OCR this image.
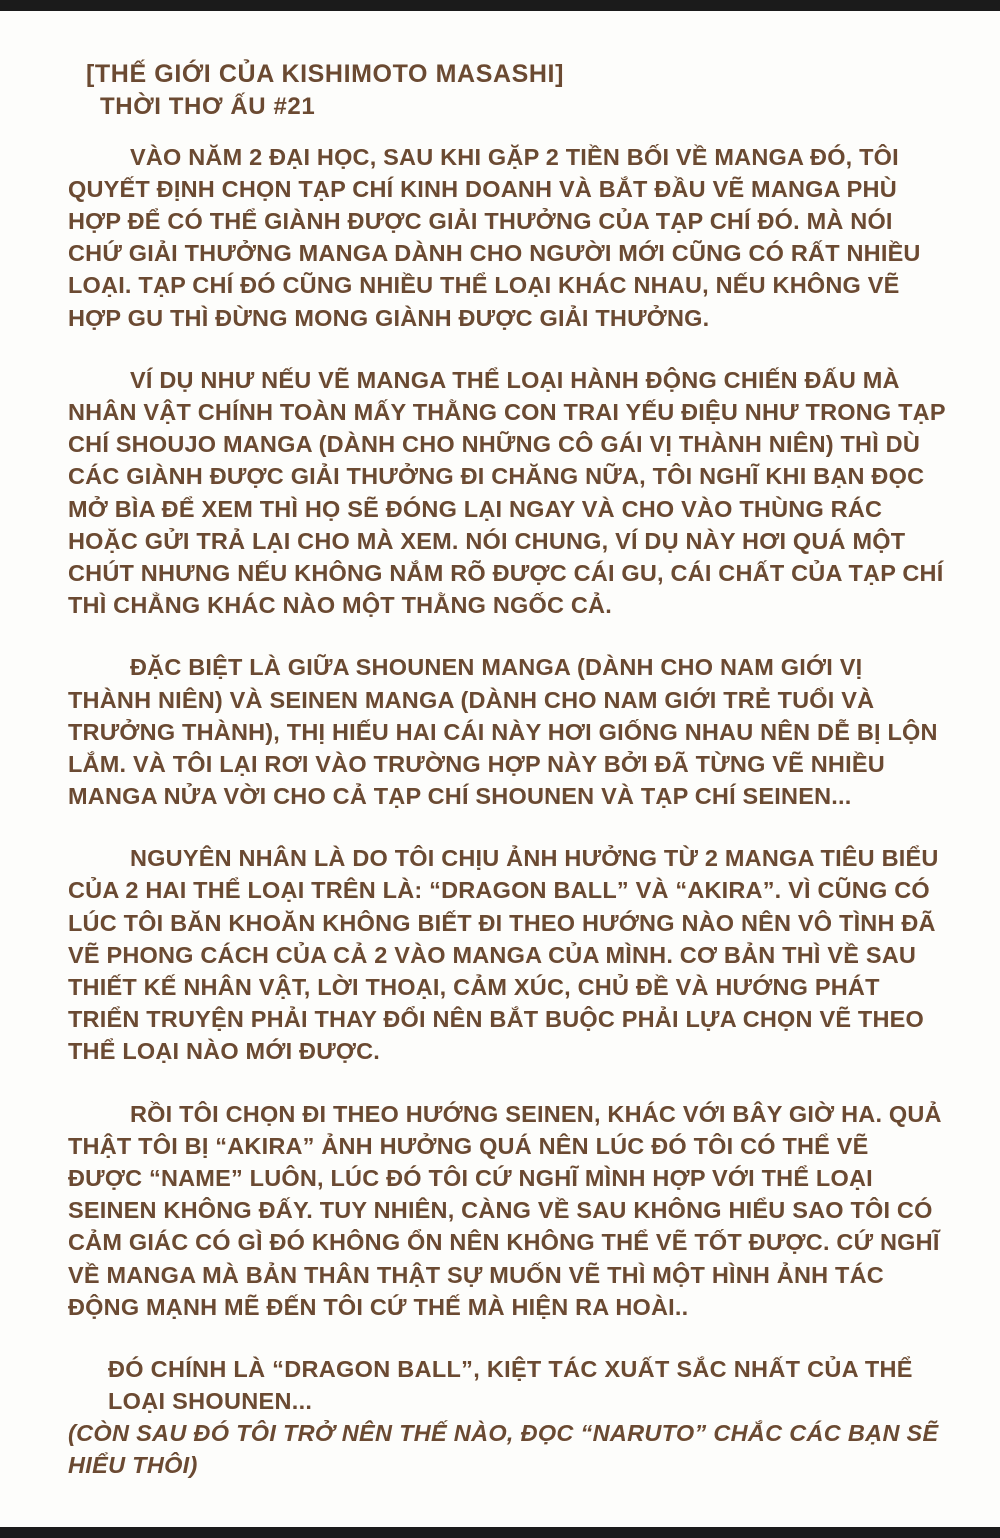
[THẾ GIỚI CỦA KISHIMOTO MASASHI]
THỜI THƠ ẤU #21

VÀO NĂM 2 ĐẠI HỌC, SAU KHI GẶP 2 TIỀN BỐI VỀ MANGA ĐÓ, TÔI QUYẾT ĐỊNH CHỌN TẠP CHÍ KINH DOANH VÀ BẮT ĐẦU VẼ MANGA PHÙ HỢP ĐỂ CÓ THỂ GIÀNH ĐƯỢC GIẢI THƯỞNG CỦA TẠP CHÍ ĐÓ. MÀ NÓI CHỨ GIẢI THƯỞNG MANGA DÀNH CHO NGƯỜI MỚI CŨNG CÓ RẤT NHIỀU LOẠI. TẠP CHÍ ĐÓ CŨNG NHIỀU THỂ LOẠI KHÁC NHAU, NẾU KHÔNG VẼ HỢP GU THÌ ĐỪNG MONG GIÀNH ĐƯỢC GIẢI THƯỞNG.

VÍ DỤ NHƯ NẾU VẼ MANGA THỂ LOẠI HÀNH ĐỘNG CHIẾN ĐẤU MÀ NHÂN VẬT CHÍNH TOÀN MẤY THẰNG CON TRAI YẾU ĐIỆU NHƯ TRONG TẠP CHÍ SHOUJO MANGA (DÀNH CHO NHỮNG CÔ GÁI VỊ THÀNH NIÊN) THÌ DÙ CÁC GIÀNH ĐƯỢC GIẢI THƯỞNG ĐI CHĂNG NỮA, TÔI NGHĨ KHI BẠN ĐỌC MỞ BÌA ĐỂ XEM THÌ HỌ SẼ ĐÓNG LẠI NGAY VÀ CHO VÀO THÙNG RÁC HOẶC GỬI TRẢ LẠI CHO MÀ XEM. NÓI CHUNG, VÍ DỤ NÀY HƠI QUÁ MỘT CHÚT NHƯNG NẾU KHÔNG NẮM RÕ ĐƯỢC CÁI GU, CÁI CHẤT CỦA TẠP CHÍ THÌ CHẲNG KHÁC NÀO MỘT THẰNG NGỐC CẢ.

ĐẶC BIỆT LÀ GIỮA SHOUNEN MANGA (DÀNH CHO NAM GIỚI VỊ THÀNH NIÊN) VÀ SEINEN MANGA (DÀNH CHO NAM GIỚI TRẺ TUỔI VÀ TRƯỞNG THÀNH), THỊ HIẾU HAI CÁI NÀY HƠI GIỐNG NHAU NÊN DỄ BỊ LỘN LẮM. VÀ TÔI LẠI RƠI VÀO TRƯỜNG HỢP NÀY BỞI ĐÃ TỪNG VẼ NHIỀU MANGA NỬA VỜI CHO CẢ TẠP CHÍ SHOUNEN VÀ TẠP CHÍ SEINEN...

NGUYÊN NHÂN LÀ DO TÔI CHỊU ẢNH HƯỞNG TỪ 2 MANGA TIÊU BIỂU CỦA 2 HAI THỂ LOẠI TRÊN LÀ: “DRAGON BALL” VÀ “AKIRA”. VÌ CŨNG CÓ LÚC TÔI BĂN KHOĂN KHÔNG BIẾT ĐI THEO HƯỚNG NÀO NÊN VÔ TÌNH ĐÃ VẼ PHONG CÁCH CỦA CẢ 2 VÀO MANGA CỦA MÌNH. CƠ BẢN THÌ VỀ SAU THIẾT KẾ NHÂN VẬT, LỜI THOẠI, CẢM XÚC, CHỦ ĐỀ VÀ HƯỚNG PHÁT TRIỂN TRUYỆN PHẢI THAY ĐỔI NÊN BẮT BUỘC PHẢI LỰA CHỌN VẼ THEO THỂ LOẠI NÀO MỚI ĐƯỢC.

RỒI TÔI CHỌN ĐI THEO HƯỚNG SEINEN, KHÁC VỚI BÂY GIỜ HA. QUẢ THẬT TÔI BỊ “AKIRA” ẢNH HƯỞNG QUÁ NÊN LÚC ĐÓ TÔI CÓ THỂ VẼ ĐƯỢC “NAME” LUÔN, LÚC ĐÓ TÔI CỨ NGHĨ MÌNH HỢP VỚI THỂ LOẠI SEINEN KHÔNG ĐẤY. TUY NHIÊN, CÀNG VỀ SAU KHÔNG HIỂU SAO TÔI CÓ CẢM GIÁC CÓ GÌ ĐÓ KHÔNG ỔN NÊN KHÔNG THỂ VẼ TỐT ĐƯỢC. CỨ NGHĨ VỀ MANGA MÀ BẢN THÂN THẬT SỰ MUỐN VẼ THÌ MỘT HÌNH ẢNH TÁC ĐỘNG MẠNH MẼ ĐẾN TÔI CỨ THẾ MÀ HIỆN RA HOÀI..

ĐÓ CHÍNH LÀ “DRAGON BALL”, KIỆT TÁC XUẤT SẮC NHẤT CỦA THỂ LOẠI SHOUNEN...
(CÒN SAU ĐÓ TÔI TRỞ NÊN THẾ NÀO, ĐỌC “NARUTO” CHẮC CÁC BẠN SẼ HIỂU THÔI)
